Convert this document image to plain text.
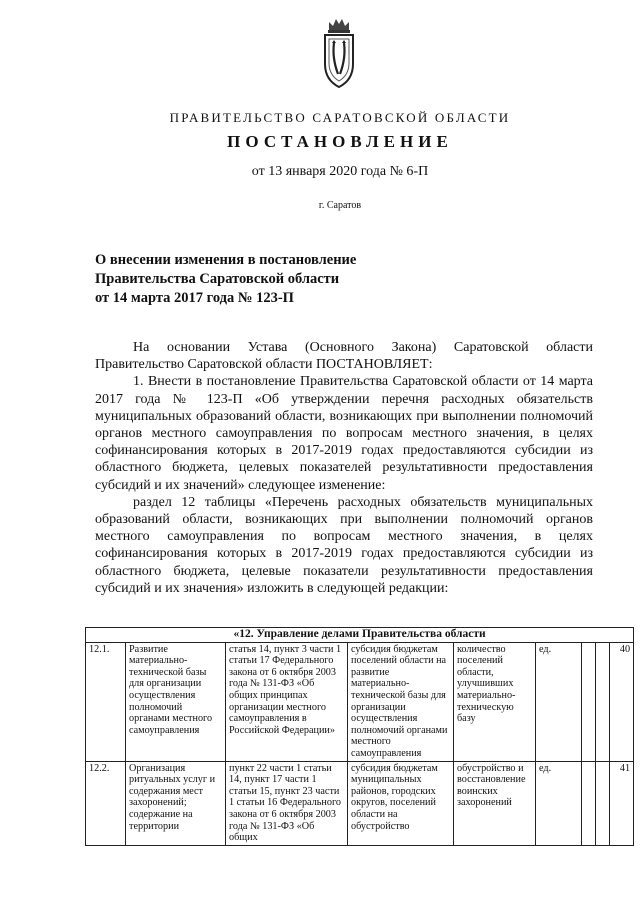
ПРАВИТЕЛЬСТВО САРАТОВСКОЙ ОБЛАСТИ
ПОСТАНОВЛЕНИЕ
от 13 января 2020 года № 6-П
г. Саратов
О внесении изменения в постановление
Правительства Саратовской области
от 14 марта 2017 года № 123-П

На основании Устава (Основного Закона) Саратовской области Правительство Саратовской области ПОСТАНОВЛЯЕТ:

1. Внести в постановление Правительства Саратовской области от 14 марта 2017 года № 123-П «Об утверждении перечня расходных обязательств муниципальных образований области, возникающих при выполнении полномочий органов местного самоуправления по вопросам местного значения, в целях софинансирования которых в 2017-2019 годах предоставляются субсидии из областного бюджета, целевых показателей результативности предоставления субсидий и их значений» следующее изменение:

раздел 12 таблицы «Перечень расходных обязательств муниципальных образований области, возникающих при выполнении полномочий органов местного самоуправления по вопросам местного значения, в целях софинансирования которых в 2017-2019 годах предоставляются субсидии из областного бюджета, целевые показатели результативности предоставления субсидий и их значения» изложить в следующей редакции:

«12. Управление делами Правительства области								
12.1.	Развитие материально-технической базы для организации осуществления полномочий органами местного самоуправления	статья 14, пункт 3 части 1 статьи 17 Федерального закона от 6 октября 2003 года № 131-ФЗ «Об общих принципах организации местного самоуправления в Российской Федерации»	субсидия бюджетам поселений области на развитие материально-технической базы для организации осуществления полномочий органами местного самоуправления	количество поселений области, улучшивших материально-техническую базу	ед.			40
12.2.	Организация ритуальных услуг и содержания мест захоронений; содержание на территории	пункт 22 части 1 статьи 14, пункт 17 части 1 статьи 15, пункт 23 части 1 статьи 16 Федерального закона от 6 октября 2003 года № 131-ФЗ «Об общих	субсидия бюджетам муниципальных районов, городских округов, поселений области на обустройство	обустройство и восстановление воинских захоронений	ед.			41
